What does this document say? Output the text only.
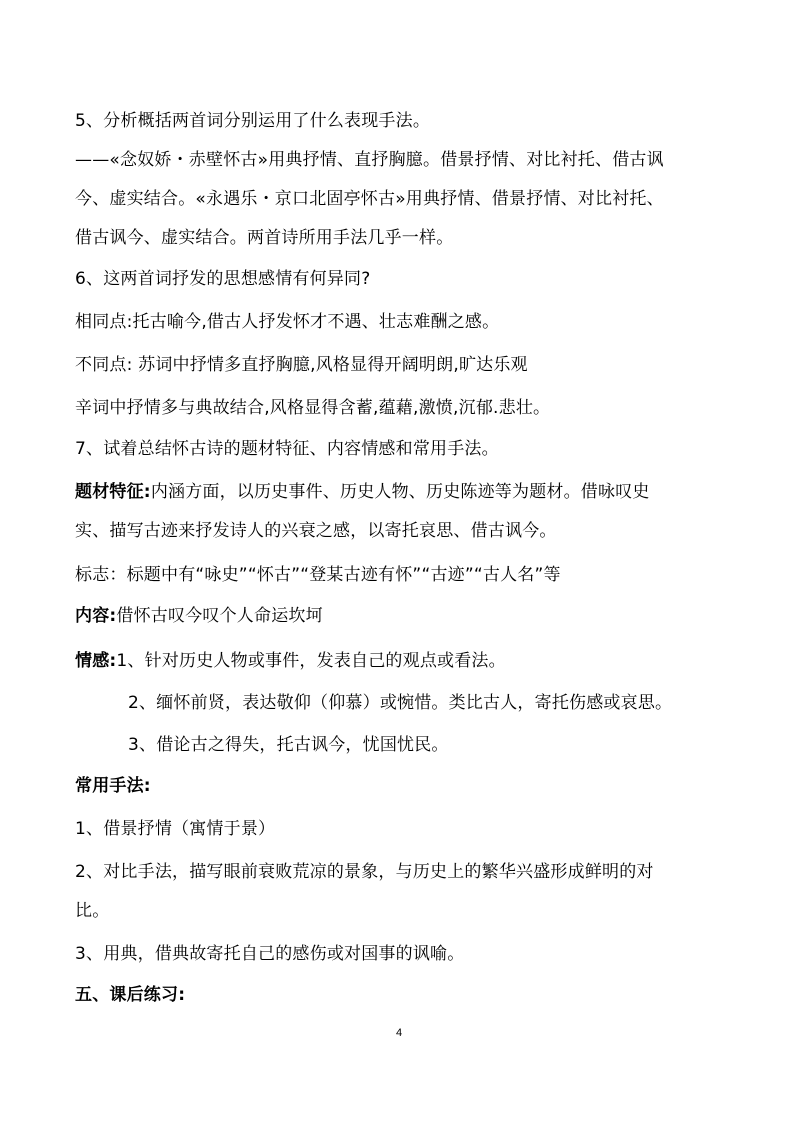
5、分析概括两首词分别运用了什么表现手法。
——«念奴娇・赤壁怀古»用典抒情、直抒胸臆。借景抒情、对比衬托、借古讽
今、虚实结合。«永遇乐・京口北固亭怀古»用典抒情、借景抒情、对比衬托、
借古讽今、虚实结合。两首诗所用手法几乎一样。
6、这两首词抒发的思想感情有何异同?
相同点:托古喻今,借古人抒发怀才不遇、壮志难酬之感。
不同点: 苏词中抒情多直抒胸臆,风格显得开阔明朗,旷达乐观
辛词中抒情多与典故结合,风格显得含蓄,蕴藉,激愤,沉郁.悲壮。
7、试着总结怀古诗的题材特征、内容情感和常用手法。
题材特征:内涵方面，以历史事件、历史人物、历史陈迹等为题材。借咏叹史
实、描写古迹来抒发诗人的兴衰之感，以寄托哀思、借古讽今。
标志：标题中有“咏史”“怀古”“登某古迹有怀”“古迹”“古人名”等
内容:借怀古叹今叹个人命运坎坷
情感:1、针对历史人物或事件，发表自己的观点或看法。
2、缅怀前贤，表达敬仰（仰慕）或惋惜。类比古人，寄托伤感或哀思。
3、借论古之得失，托古讽今，忧国忧民。
常用手法:
1、借景抒情（寓情于景）
2、对比手法，描写眼前衰败荒凉的景象，与历史上的繁华兴盛形成鲜明的对
比。
3、用典，借典故寄托自己的感伤或对国事的讽喻。
五、课后练习:
4
